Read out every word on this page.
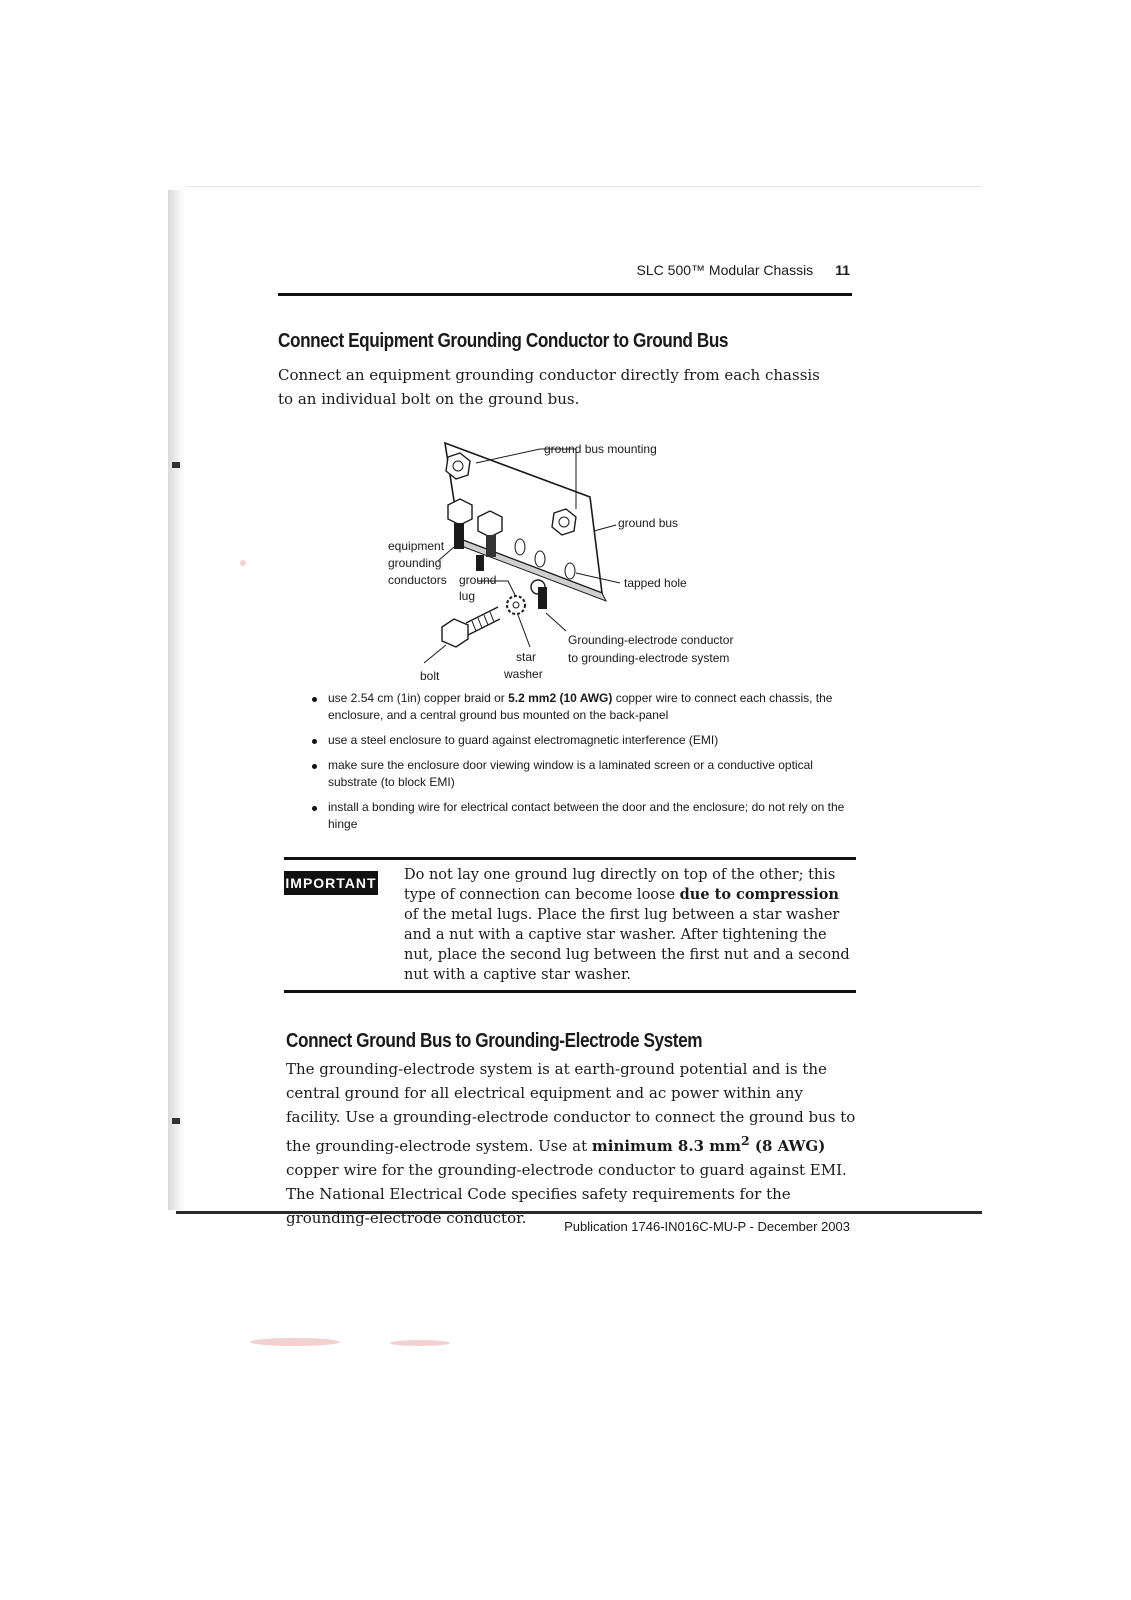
SLC 500™ Modular Chassis 11
Connect Equipment Grounding Conductor to Ground Bus

Connect an equipment grounding conductor directly from each chassis to an individual bolt on the ground bus.

ground bus mounting
ground bus
equipment
grounding
conductors ground
lug
tapped hole
Grounding-electrode conductor
to grounding-electrode system
star
washer
bolt
use 2.54 cm (1in) copper braid or 5.2 mm2 (10 AWG) copper wire to connect each chassis, the enclosure, and a central ground bus mounted on the back-panel
use a steel enclosure to guard against electromagnetic interference (EMI)
make sure the enclosure door viewing window is a laminated screen or a conductive optical substrate (to block EMI)
install a bonding wire for electrical contact between the door and the enclosure; do not rely on the hinge
IMPORTANT Do not lay one ground lug directly on top of the other; this type of connection can become loose due to compression of the metal lugs. Place the first lug between a star washer and a nut with a captive star washer. After tightening the nut, place the second lug between the first nut and a second nut with a captive star washer.

Connect Ground Bus to Grounding-Electrode System

The grounding-electrode system is at earth-ground potential and is the central ground for all electrical equipment and ac power within any facility. Use a grounding-electrode conductor to connect the ground bus to the grounding-electrode system. Use at minimum 8.3 $mm^2$ (8 AWG) copper wire for the grounding-electrode conductor to guard against EMI. The National Electrical Code specifies safety requirements for the grounding-electrode conductor.	Publication 1746-IN016C-MU-P - December 2003
